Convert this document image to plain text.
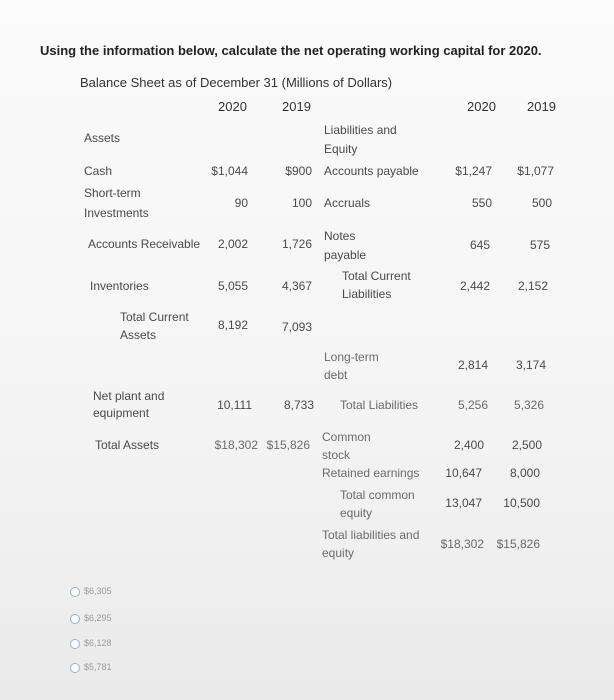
Using the information below, calculate the net operating working capital for 2020.
Balance Sheet as of December 31 (Millions of Dollars)
2020	2019	2020 2019
Assets
Cash	$1,044	$900
Short-term
Investments
90	100
Accounts Receivable	2,002	1,726
Inventories	5,055	4,367
Total Current
Assets
8,192	7,093
Net plant and
equipment
10,111	8,733
Total Assets	$18,302 $15,826
Liabilities and
Equity
Accounts payable	$1,247	$1,077
Accruals	550	500
Notes
payable
645	575
Total Current
Liabilities
2,442	2,152
Long-term
debt
2,814	3,174
Total Liabilities	5,256	5,326
Common
stock
2,400	2,500
Retained earnings	10,647	8,000
Total common
equity
13,047 10,500
Total liabilities and
equity
$18,302	$15,826
$6,305
$6,295
$6,128
$5,781
